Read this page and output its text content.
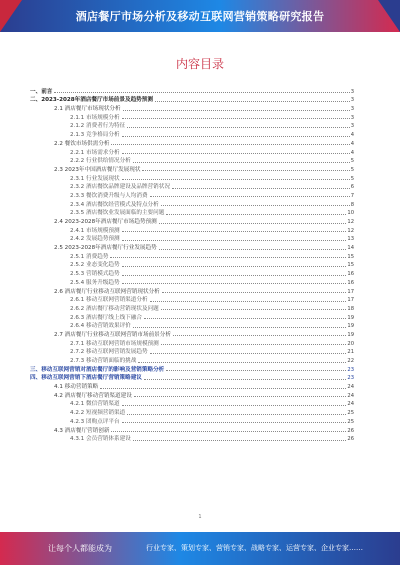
酒店餐厅市场分析及移动互联网营销策略研究报告
内容目录
一、前言	3
二、2023-2028年酒店餐厅市场前景及趋势预测	3
2.1 酒店餐厅市场现状分析	3
2.1.1 市场规模分析	3
2.1.2 消费者行为特征	3
2.1.3 竞争格局分析	4
2.2 餐饮市场供需分析	4
2.2.1 市场需求分析	4
2.2.2 行业供给情况分析	5
2.3 2023年中国酒店餐厅发展现状	5
2.3.1 行业发展现状	5
2.3.2 酒店餐饮品牌建设及品牌营销状况	6
2.3.3 餐饮消费升级与人均消费	7
2.3.4 酒店餐饮经营模式及特点分析	8
2.3.5 酒店餐饮业发展面临的主要问题	10
2.4 2023-2028年酒店餐厅市场趋势预测	12
2.4.1 市场规模预测	12
2.4.2 发展趋势预测	13
2.5 2023-2028年酒店餐厅行业发展趋势	14
2.5.1 消费趋势	15
2.5.2 业态变化趋势	15
2.5.3 营销模式趋势	16
2.5.4 服务升级趋势	16
2.6 酒店餐厅行业移动互联网营销现状分析	17
2.6.1 移动互联网营销渠道分析	17
2.6.2 酒店餐厅移动营销现状及问题	18
2.6.3 酒店餐厅线上线下融合	19
2.6.4 移动营销效果评价	19
2.7 酒店餐厅行业移动互联网营销市场前景分析	19
2.7.1 移动互联网营销市场规模预测	20
2.7.2 移动互联网营销发展趋势	21
2.7.3 移动营销面临的挑战	22
三、移动互联网营销对酒店餐厅的影响及营销策略分析	23
四、移动互联网营销下酒店餐厅营销策略建议	23
4.1 移动营销策略	24
4.2 酒店餐厅移动营销渠道建设	24
4.2.1 微信营销渠道	24
4.2.2 短视频营销渠道	25
4.2.3 团购点评平台	25
4.3 酒店餐厅营销创新	26
4.3.1 会员营销体系建设	26
1
让每个人都能成为	行业专家、策划专家、营销专家、战略专家、运营专家、企业专家……
